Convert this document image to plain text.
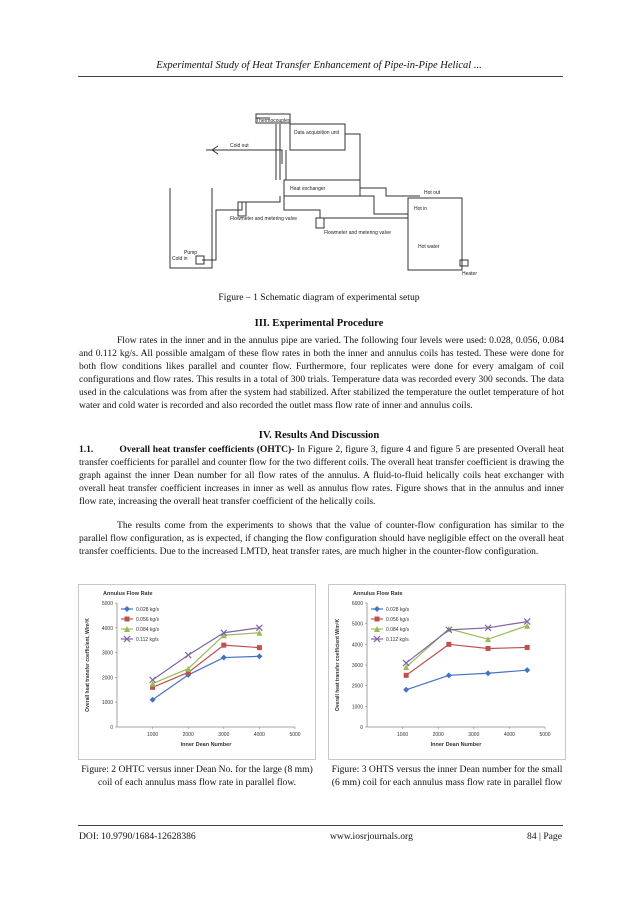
Experimental Study of Heat Transfer Enhancement of Pipe-in-Pipe Helical ...
Thermocouples
Data acquisition unit
Cold out
Heat exchanger
Hot out
Hot in
Flowmeter and metering valve
Flowmeter and metering valve
Pump
Cold in
Hot water
Heater
Figure – 1 Schematic diagram of experimental setup
III. Experimental Procedure
Flow rates in the inner and in the annulus pipe are varied. The following four levels were used: 0.028, 0.056, 0.084 and 0.112 kg/s. All possible amalgam of these flow rates in both the inner and annulus coils has tested. These were done for both flow conditions likes parallel and counter flow. Furthermore, four replicates were done for every amalgam of coil configurations and flow rates. This results in a total of 300 trials. Temperature data was recorded every 300 seconds. The data used in the calculations was from after the system had stabilized. After stabilized the temperature the outlet temperature of hot water and cold water is recorded and also recorded the outlet mass flow rate of inner and annulus coils.
IV. Results And Discussion
1.1.	Overall heat transfer coefficients (OHTC)- In Figure 2, figure 3, figure 4 and figure 5 are presented Overall heat transfer coefficients for parallel and counter flow for the two different coils. The overall heat transfer coefficient is drawing the graph against the inner Dean number for all flow rates of the annulus. A fluid-to-fluid helically coils heat exchanger with overall heat transfer coefficient increases in inner as well as annulus flow rates. Figure shows that in the annulus and inner flow rate, increasing the overall heat transfer coefficient of the helically coils.
The results come from the experiments to shows that the value of counter-flow configuration has similar to the parallel flow configuration, as is expected, if changing the flow configuration should have negligible effect on the overall heat transfer coefficients. Due to the increased LMTD, heat transfer rates, are much higher in the counter-flow configuration.
Annulus Flow Rate
0
1000
2000
3000
4000
5000
1000	2000	3000	4000	5000
Inner Dean Number
Overall heat transfer coefficient, W/m²K
0.028 kg/s
0.056 kg/s
0.084 kg/s
0.112 kg/s
Annulus Flow Rate
0
1000
2000
3000
4000
5000
6000
1000	2000	3000	4000	5000
Inner Dean Number
Overall heat transfer coefficient W/m²K
0.028 kg/s
0.056 kg/s
0.084 kg/s
0.112 kg/s
Figure: 2 OHTC versus inner Dean No. for the large (8 mm) coil of each annulus mass flow rate in parallel flow.
Figure: 3 OHTS versus the inner Dean number for the small (6 mm) coil for each annulus mass flow rate in parallel flow
DOI: 10.9790/1684-12628386	www.iosrjournals.org	84 | Page
